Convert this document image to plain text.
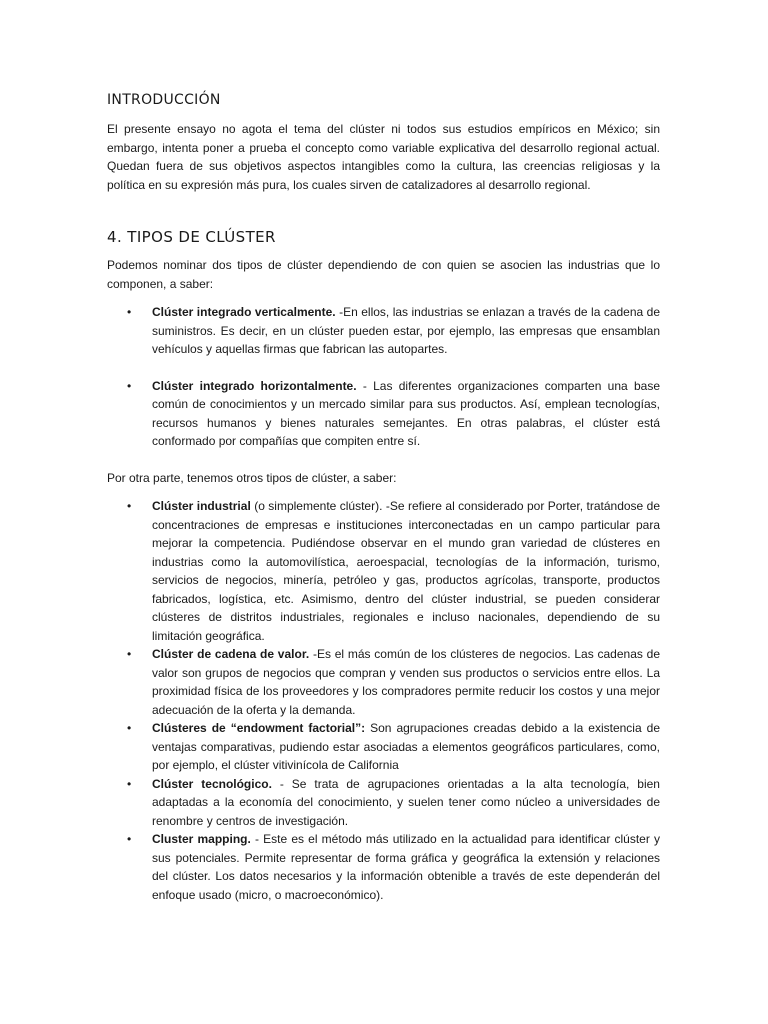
INTRODUCCIÓN

El presente ensayo no agota el tema del clúster ni todos sus estudios empíricos en México; sin embargo, intenta poner a prueba el concepto como variable explicativa del desarrollo regional actual. Quedan fuera de sus objetivos aspectos intangibles como la cultura, las creencias religiosas y la política en su expresión más pura, los cuales sirven de catalizadores al desarrollo regional.

4. TIPOS DE CLÚSTER

Podemos nominar dos tipos de clúster dependiendo de con quien se asocien las industrias que lo componen, a saber:

• Clúster integrado verticalmente. -En ellos, las industrias se enlazan a través de la cadena de suministros. Es decir, en un clúster pueden estar, por ejemplo, las empresas que ensamblan vehículos y aquellas firmas que fabrican las autopartes.
• Clúster integrado horizontalmente. - Las diferentes organizaciones comparten una base común de conocimientos y un mercado similar para sus productos. Así, emplean tecnologías, recursos humanos y bienes naturales semejantes. En otras palabras, el clúster está conformado por compañías que compiten entre sí.

Por otra parte, tenemos otros tipos de clúster, a saber:

• Clúster industrial (o simplemente clúster). -Se refiere al considerado por Porter, tratándose de concentraciones de empresas e instituciones interconectadas en un campo particular para mejorar la competencia. Pudiéndose observar en el mundo gran variedad de clústeres en industrias como la automovilística, aeroespacial, tecnologías de la información, turismo, servicios de negocios, minería, petróleo y gas, productos agrícolas, transporte, productos fabricados, logística, etc. Asimismo, dentro del clúster industrial, se pueden considerar clústeres de distritos industriales, regionales e incluso nacionales, dependiendo de su limitación geográfica.
• Clúster de cadena de valor. -Es el más común de los clústeres de negocios. Las cadenas de valor son grupos de negocios que compran y venden sus productos o servicios entre ellos. La proximidad física de los proveedores y los compradores permite reducir los costos y una mejor adecuación de la oferta y la demanda.
• Clústeres de “endowment factorial”: Son agrupaciones creadas debido a la existencia de ventajas comparativas, pudiendo estar asociadas a elementos geográficos particulares, como, por ejemplo, el clúster vitivinícola de California
• Clúster tecnológico. - Se trata de agrupaciones orientadas a la alta tecnología, bien adaptadas a la economía del conocimiento, y suelen tener como núcleo a universidades de renombre y centros de investigación.
• Cluster mapping. - Este es el método más utilizado en la actualidad para identificar clúster y sus potenciales. Permite representar de forma gráfica y geográfica la extensión y relaciones del clúster. Los datos necesarios y la información obtenible a través de este dependerán del enfoque usado (micro, o macroeconómico).
